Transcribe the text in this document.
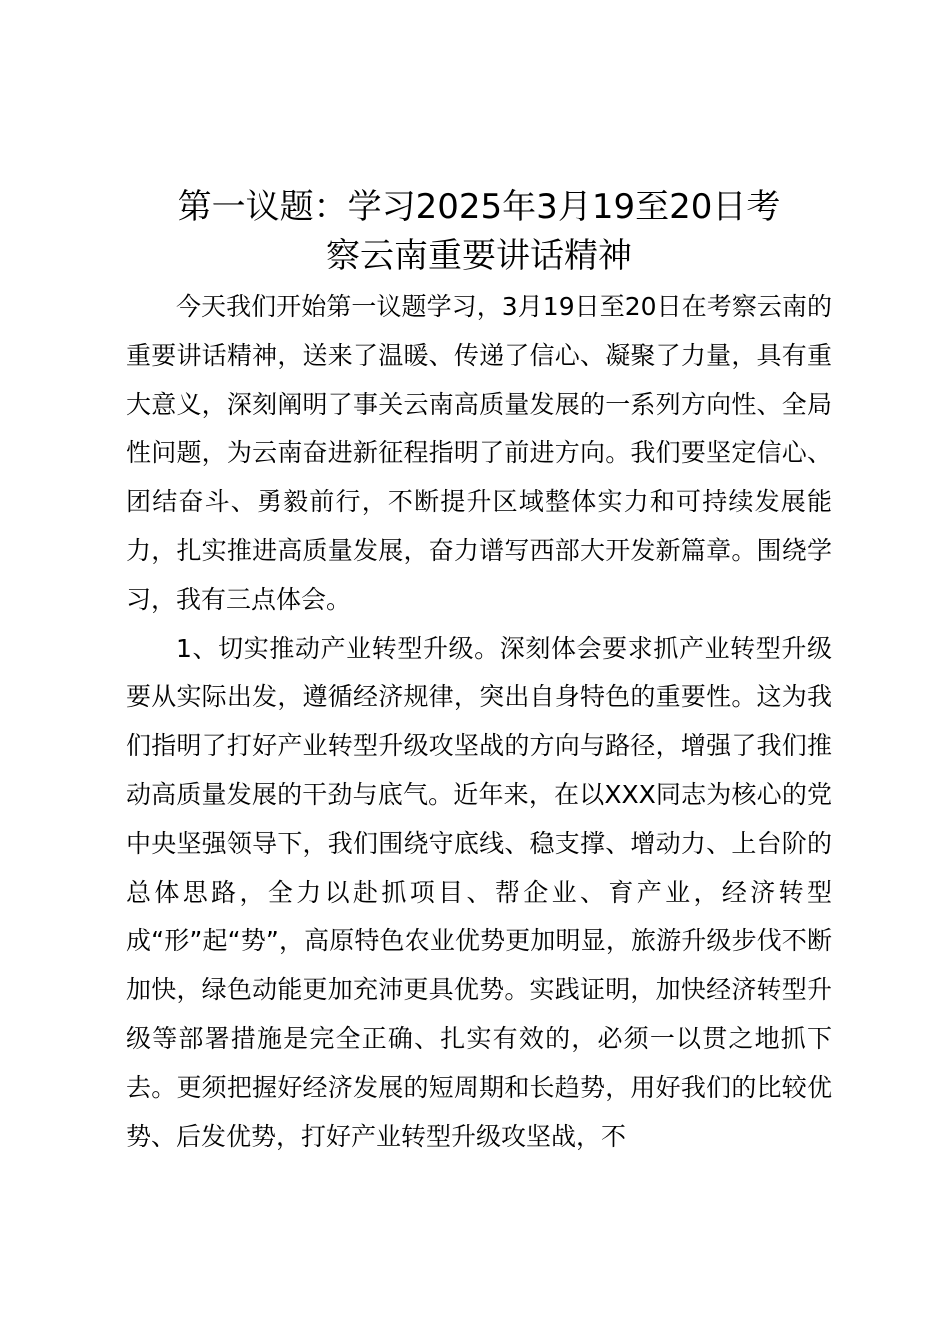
第一议题：学习2025年3月19至20日考
察云南重要讲话精神

今天我们开始第一议题学习，3月19日至20日在考察云南的重要讲话精神，送来了温暖、传递了信心、凝聚了力量，具有重大意义，深刻阐明了事关云南高质量发展的一系列方向性、全局性问题，为云南奋进新征程指明了前进方向。我们要坚定信心、团结奋斗、勇毅前行，不断提升区域整体实力和可持续发展能力，扎实推进高质量发展，奋力谱写西部大开发新篇章。围绕学习，我有三点体会。

1、切实推动产业转型升级。深刻体会要求抓产业转型升级要从实际出发，遵循经济规律，突出自身特色的重要性。这为我们指明了打好产业转型升级攻坚战的方向与路径，增强了我们推动高质量发展的干劲与底气。近年来，在以XXX同志为核心的党中央坚强领导下，我们围绕守底线、稳支撑、增动力、上台阶的总体思路，全力以赴抓项目、帮企业、育产业，经济转型成“形”起“势”，高原特色农业优势更加明显，旅游升级步伐不断加快，绿色动能更加充沛更具优势。实践证明，加快经济转型升级等部署措施是完全正确、扎实有效的，必须一以贯之地抓下去。更须把握好经济发展的短周期和长趋势，用好我们的比较优势、后发优势，打好产业转型升级攻坚战，不
